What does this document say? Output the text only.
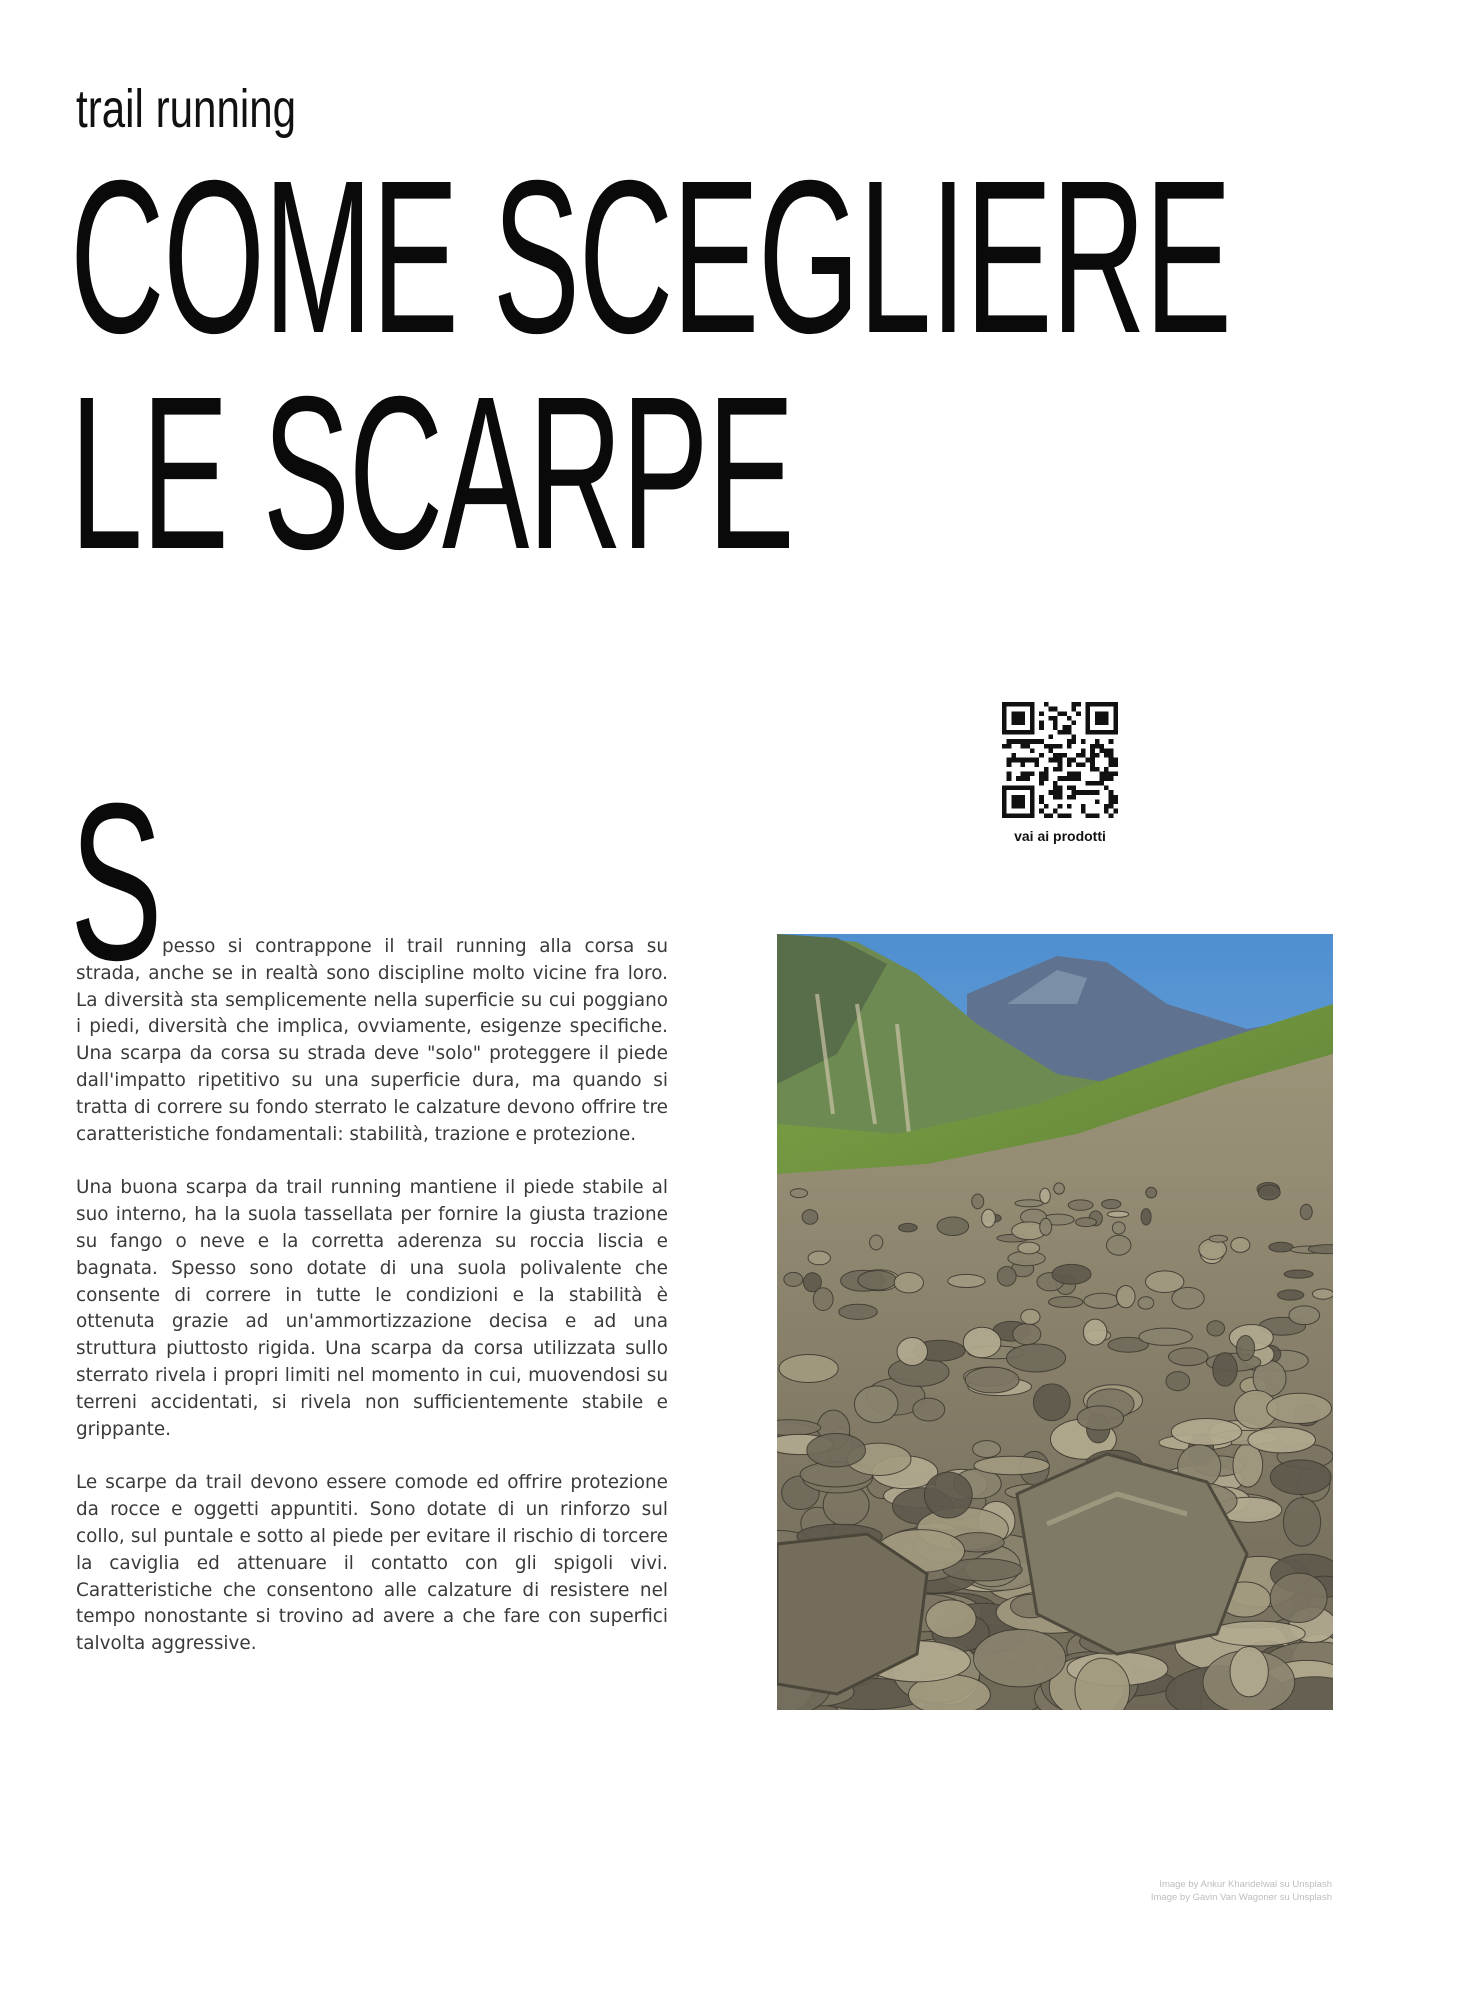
trail running
COME SCEGLIERE
LE SCARPE
vai ai prodotti
S pesso si contrappone il trail running alla corsa su strada, anche se in realtà sono discipline molto vicine fra loro. La diversità sta semplicemente nella superficie su cui poggiano i piedi, diversità che implica, ovviamente, esigenze specifiche. Una scarpa da corsa su strada deve "solo" proteggere il piede dall'impatto ripetitivo su una superficie dura, ma quando si tratta di correre su fondo sterrato le calzature devono offrire tre caratteristiche fondamentali: stabilità, trazione e protezione.

Una buona scarpa da trail running mantiene il piede stabile al suo interno, ha la suola tassellata per fornire la giusta trazione su fango o neve e la corretta aderenza su roccia liscia e bagnata. Spesso sono dotate di una suola polivalente che consente di correre in tutte le condizioni e la stabilità è ottenuta grazie ad un'ammortizzazione decisa e ad una struttura piuttosto rigida. Una scarpa da corsa utilizzata sullo sterrato rivela i propri limiti nel momento in cui, muovendosi su terreni accidentati, si rivela non sufficientemente stabile e grippante.

Le scarpe da trail devono essere comode ed offrire protezione da rocce e oggetti appuntiti. Sono dotate di un rinforzo sul collo, sul puntale e sotto al piede per evitare il rischio di torcere la caviglia ed attenuare il contatto con gli spigoli vivi. Caratteristiche che consentono alle calzature di resistere nel tempo nonostante si trovino ad avere a che fare con superfici talvolta aggressive.

Image by Ankur Khandelwal su Unsplash
Image by Gavin Van Wagoner su Unsplash
